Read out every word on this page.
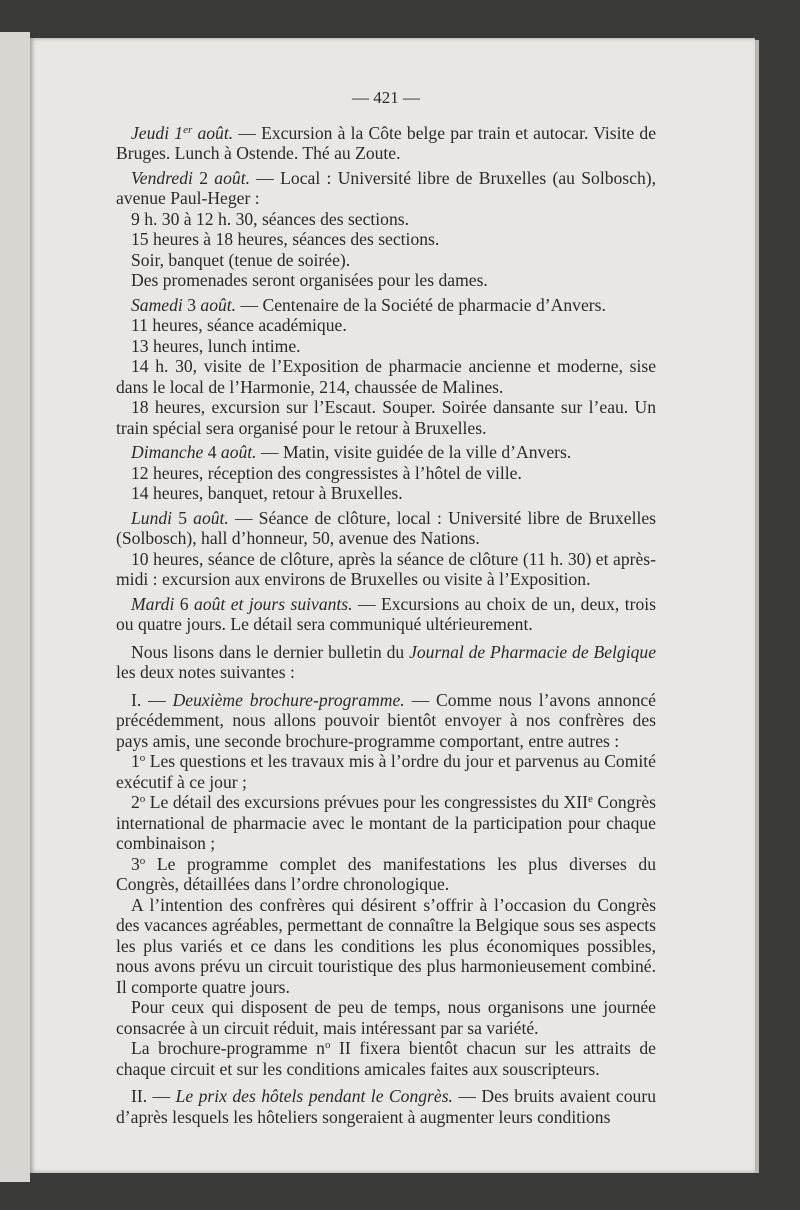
— 421 —

Jeudi 1er août. — Excursion à la Côte belge par train et autocar. Visite de Bruges. Lunch à Ostende. Thé au Zoute.

Vendredi 2 août. — Local : Université libre de Bruxelles (au Solbosch), avenue Paul-Heger :

9 h. 30 à 12 h. 30, séances des sections.

15 heures à 18 heures, séances des sections.

Soir, banquet (tenue de soirée).

Des promenades seront organisées pour les dames.

Samedi 3 août. — Centenaire de la Société de pharmacie d’Anvers.

11 heures, séance académique.

13 heures, lunch intime.

14 h. 30, visite de l’Exposition de pharmacie ancienne et moderne, sise dans le local de l’Harmonie, 214, chaussée de Malines.

18 heures, excursion sur l’Escaut. Souper. Soirée dansante sur l’eau. Un train spécial sera organisé pour le retour à Bruxelles.

Dimanche 4 août. — Matin, visite guidée de la ville d’Anvers.

12 heures, réception des congressistes à l’hôtel de ville.

14 heures, banquet, retour à Bruxelles.

Lundi 5 août. — Séance de clôture, local : Université libre de Bruxelles (Solbosch), hall d’honneur, 50, avenue des Nations.

10 heures, séance de clôture, après la séance de clôture (11 h. 30) et après-midi : excursion aux environs de Bruxelles ou visite à l’Exposition.

Mardi 6 août et jours suivants. — Excursions au choix de un, deux, trois ou quatre jours. Le détail sera communiqué ultérieurement.

Nous lisons dans le dernier bulletin du Journal de Pharmacie de Belgique les deux notes suivantes :

I. — Deuxième brochure-programme. — Comme nous l’avons annoncé précédemment, nous allons pouvoir bientôt envoyer à nos confrères des pays amis, une seconde brochure-programme comportant, entre autres :

1$^o$ Les questions et les travaux mis à l’ordre du jour et parvenus au Comité exécutif à ce jour ;

2$^o$ Le détail des excursions prévues pour les congressistes du XIIe Congrès international de pharmacie avec le montant de la participation pour chaque combinaison ;

3$^o$ Le programme complet des manifestations les plus diverses du Congrès, détaillées dans l’ordre chronologique.

A l’intention des confrères qui désirent s’offrir à l’occasion du Congrès des vacances agréables, permettant de connaître la Belgique sous ses aspects les plus variés et ce dans les conditions les plus économiques possibles, nous avons prévu un circuit touristique des plus harmonieusement combiné. Il comporte quatre jours.

Pour ceux qui disposent de peu de temps, nous organisons une journée consacrée à un circuit réduit, mais intéressant par sa variété.

La brochure-programme $n^o$ II fixera bientôt chacun sur les attraits de chaque circuit et sur les conditions amicales faites aux souscripteurs.

II. — Le prix des hôtels pendant le Congrès. — Des bruits avaient couru d’après lesquels les hôteliers songeraient à augmenter leurs conditions
